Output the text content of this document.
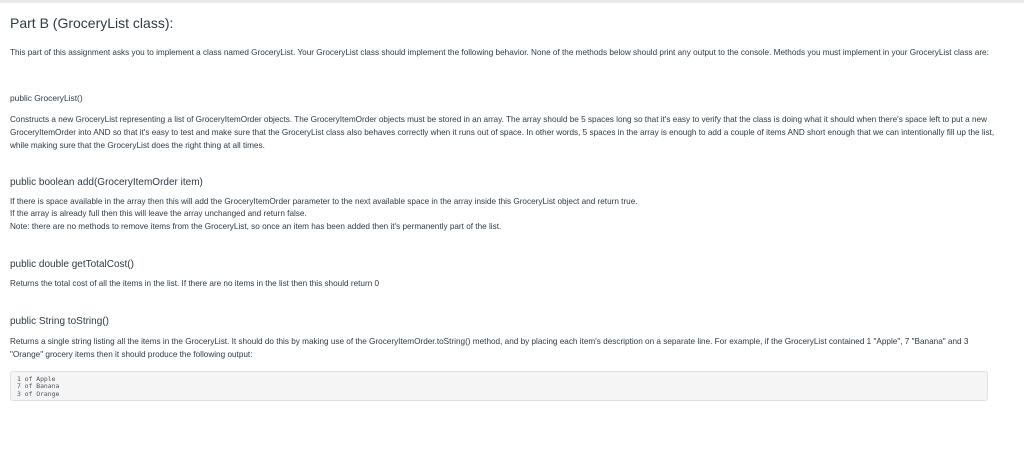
Part B (GroceryList class):

This part of this assignment asks you to implement a class named GroceryList. Your GroceryList class should implement the following behavior. None of the methods below should print any output to the console. Methods you must implement in your GroceryList class are:

public GroceryList()

Constructs a new GroceryList representing a list of GroceryItemOrder objects. The GroceryItemOrder objects must be stored in an array. The array should be 5 spaces long so that it's easy to verify that the class is doing what it should when there's space left to put a new GroceryItemOrder into AND so that it's easy to test and make sure that the GroceryList class also behaves correctly when it runs out of space. In other words, 5 spaces in the array is enough to add a couple of items AND short enough that we can intentionally fill up the list, while making sure that the GroceryList does the right thing at all times.

public boolean add(GroceryItemOrder item)

If there is space available in the array then this will add the GroceryItemOrder parameter to the next available space in the array inside this GroceryList object and return true.

If the array is already full then this will leave the array unchanged and return false.

Note: there are no methods to remove items from the GroceryList, so once an item has been added then it's permanently part of the list.

public double getTotalCost()

Returns the total cost of all the items in the list. If there are no items in the list then this should return 0

public String toString()

Returns a single string listing all the items in the GroceryList. It should do this by making use of the GroceryItemOrder.toString() method, and by placing each item's description on a separate line. For example, if the GroceryList contained 1 "Apple", 7 "Banana" and 3 "Orange" grocery items then it should produce the following output:

1 of Apple
7 of Banana
3 of Orange
